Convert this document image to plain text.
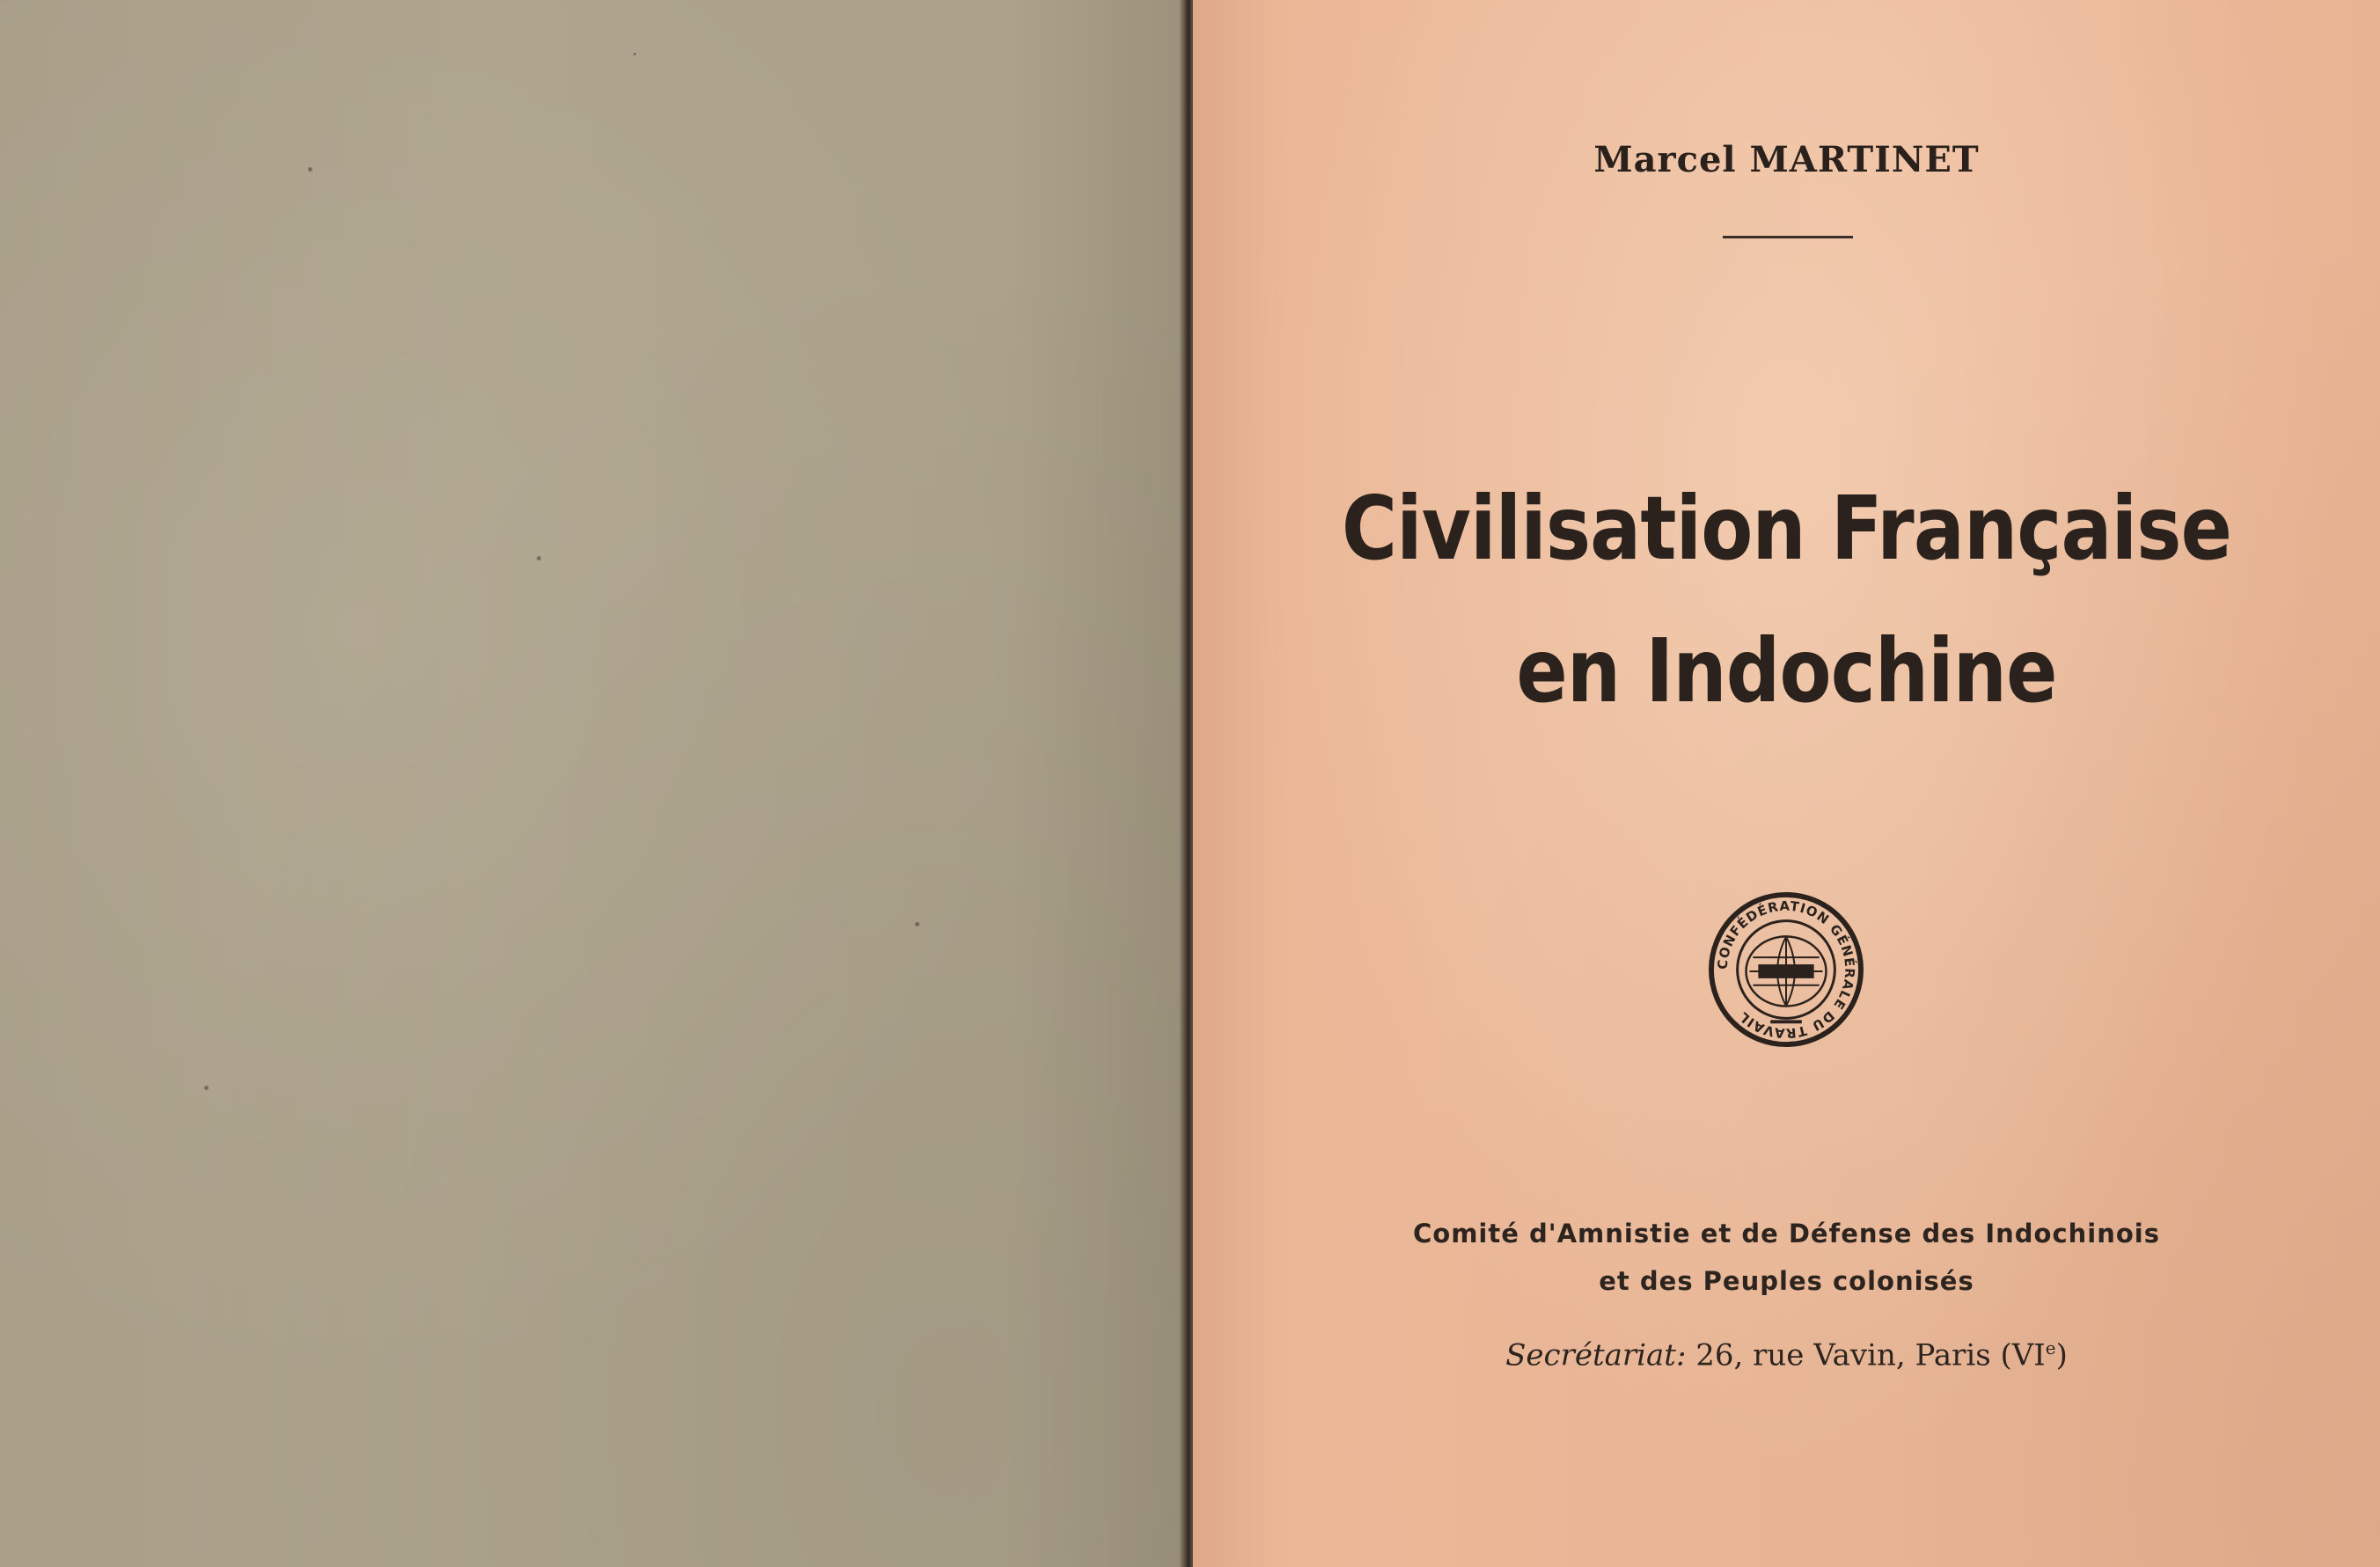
Marcel MARTINET
Civilisation Française
en Indochine
CONFÉDÉRATION GÉNÉRALE DU TRAVAIL
Comité d'Amnistie et de Défense des Indochinois
et des Peuples colonisés
Secrétariat: 26, rue Vavin, Paris (VIe)
